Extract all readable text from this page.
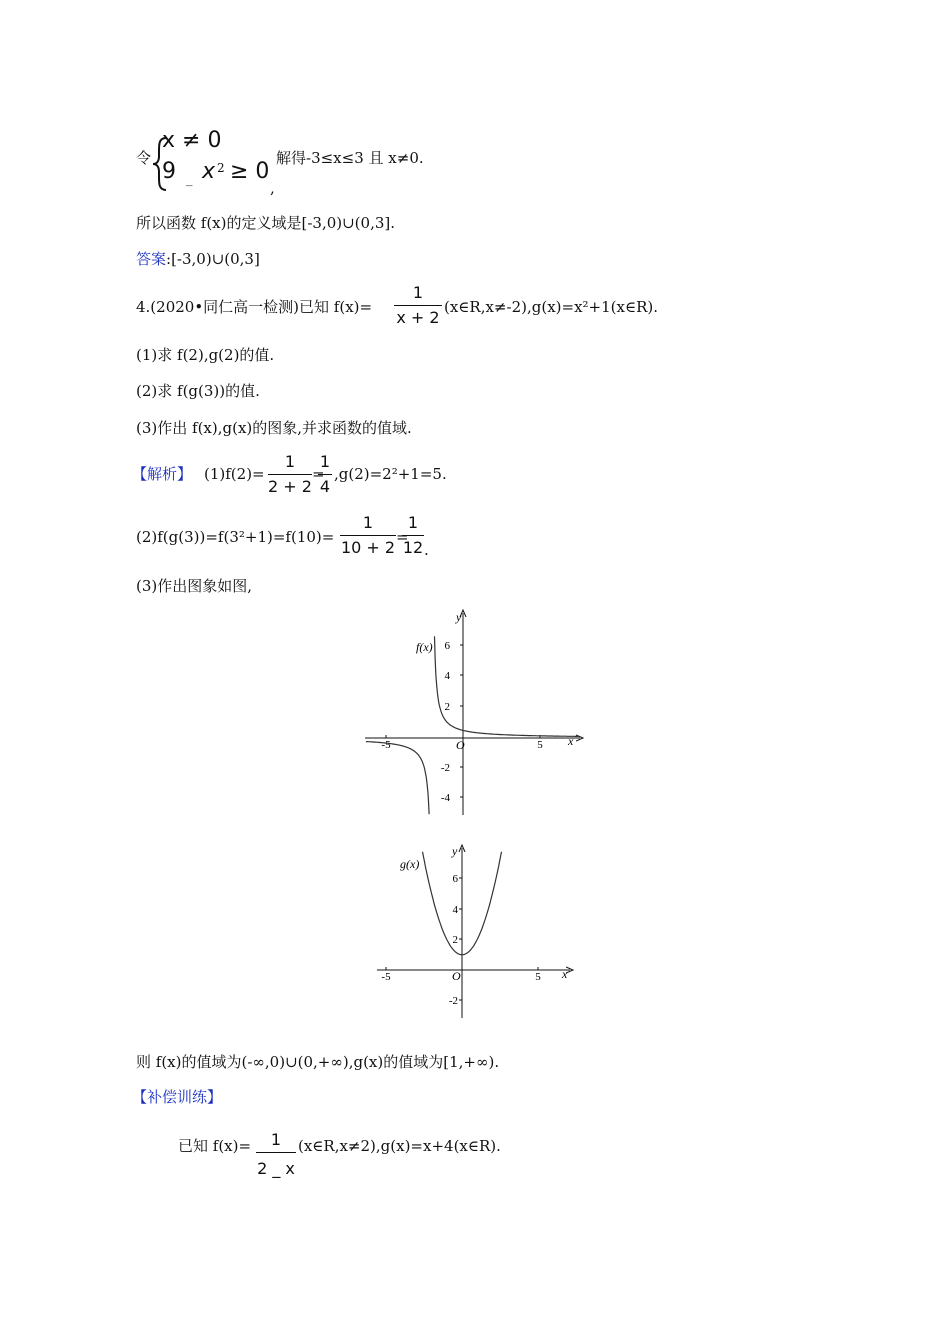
令
x ≠ 0
9 _ x 2 ≥ 0
,
解得-3≤x≤3 且 x≠0.
所以函数 f(x)的定义域是[-3,0)∪(0,3].
答案:[-3,0)∪(0,3]
4.(2020•同仁高一检测)已知 f(x)=
1
x + 2
(x∈R,x≠-2),g(x)=x²+1(x∈R).
(1)求 f(2),g(2)的值.
(2)求 f(g(3))的值.
(3)作出 f(x),g(x)的图象,并求函数的值域.
【解析】 (1)f(2)=
1
2 + 2
=
1
4
,g(2)=2²+1=5.
(2)f(g(3))=f(3²+1)=f(10)=
1
10 + 2
=
1
12 .
(3)作出图象如图,
f(x)
y
x
O
6
4
2
-2
-4
-5	5
g(x)
y
x
O
6
4
2
-2
-5	5
则 f(x)的值域为(-∞,0)∪(0,+∞),g(x)的值域为[1,+∞).
【补偿训练】
已知 f(x)=	1
2 _ x
(x∈R,x≠2),g(x)=x+4(x∈R).
